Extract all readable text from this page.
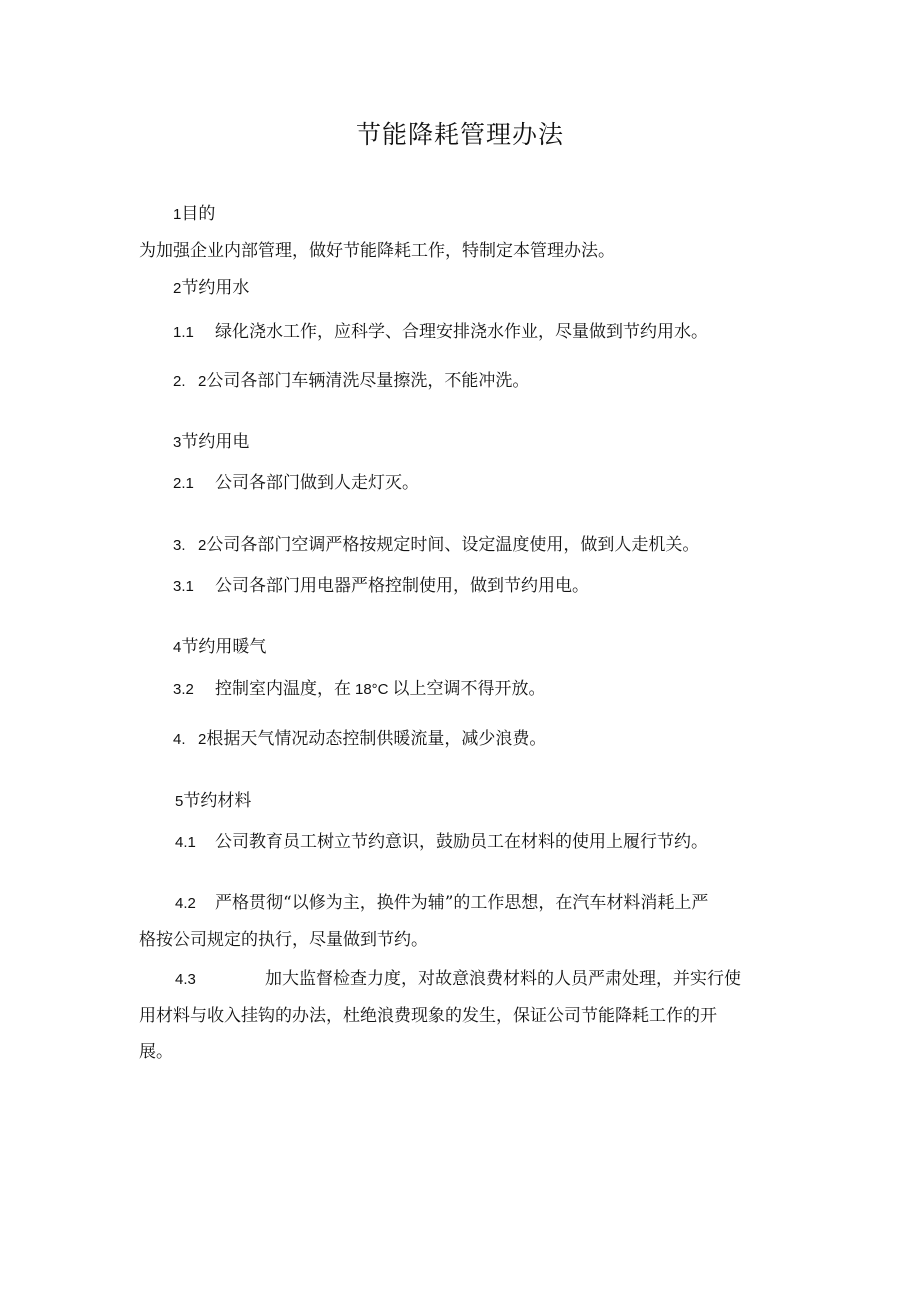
节能降耗管理办法
1目的
为加强企业内部管理，做好节能降耗工作，特制定本管理办法。
2节约用水
1.1 绿化浇水工作，应科学、合理安排浇水作业，尽量做到节约用水。
2.   2公司各部门车辆清洗尽量擦洗，不能冲洗。
3节约用电
2.1 公司各部门做到人走灯灭。
3.   2公司各部门空调严格按规定时间、设定温度使用，做到人走机关。
3.1 公司各部门用电器严格控制使用，做到节约用电。
4节约用暖气
3.2 控制室内温度，在 18°C 以上空调不得开放。
4.   2根据天气情况动态控制供暖流量，减少浪费。
5节约材料
4.1 公司教育员工树立节约意识，鼓励员工在材料的使用上履行节约。
4.2 严格贯彻“以修为主，换件为辅”的工作思想，在汽车材料消耗上严
格按公司规定的执行，尽量做到节约。
4.3	加大监督检查力度，对故意浪费材料的人员严肃处理，并实行使
用材料与收入挂钩的办法，杜绝浪费现象的发生，保证公司节能降耗工作的开
展。
